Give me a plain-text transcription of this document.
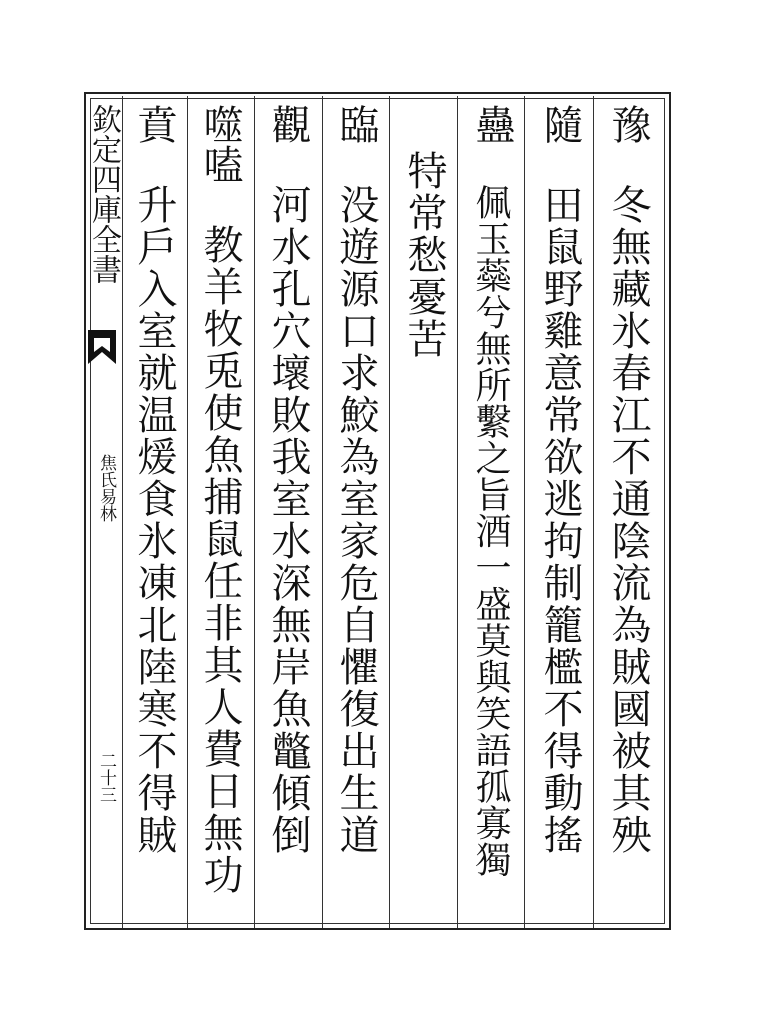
欽定四庫全書
焦氏易林
二十三
豫
冬無藏氷春江不通陰流為賊國被其殃
隨
田鼠野雞意常欲逃拘制籠檻不得動搖
蠱
佩玉蘂兮無所繫之旨酒一盛莫與笑語孤寡獨
特常愁憂苦
臨
没遊源口求鮫為室家危自懼復出生道
觀
河水孔穴壞敗我室水深無岸魚鼈傾倒
噬嗑
教羊牧兎使魚捕鼠任非其人費日無功
賁
升戶入室就温煖食氷凍北陸寒不得賊
